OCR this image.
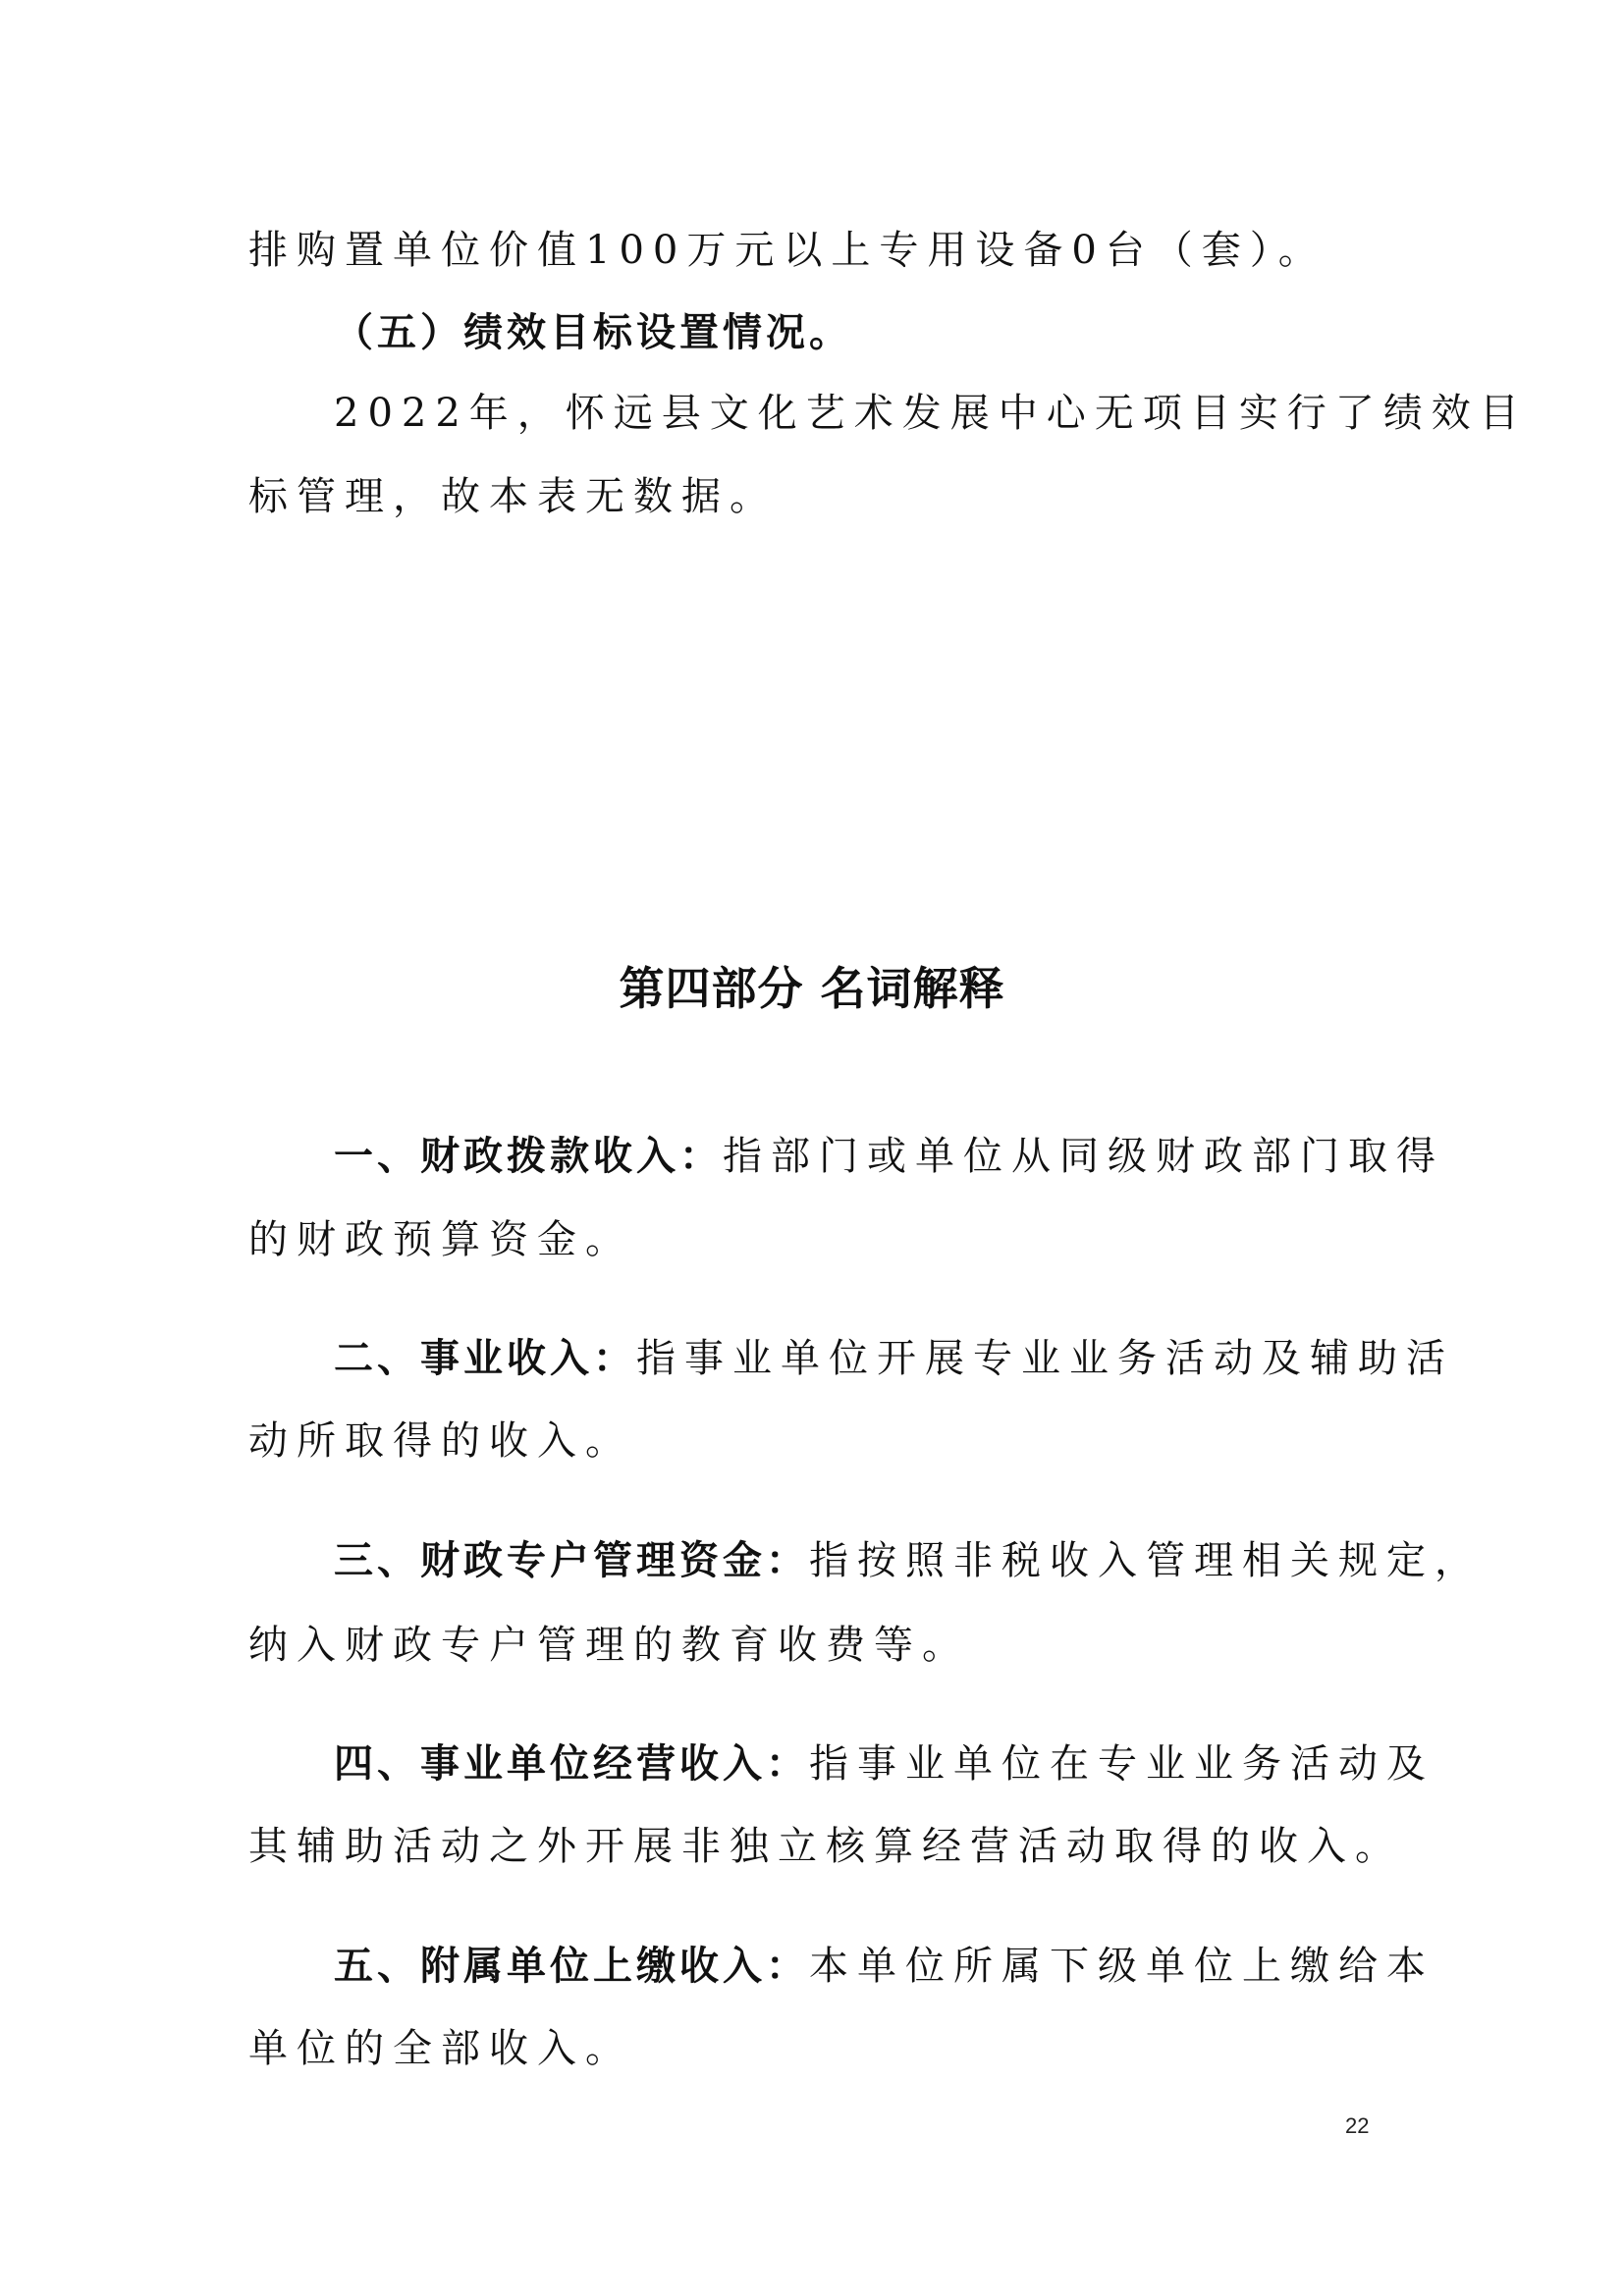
排购置单位价值100万元以上专用设备0台（套）。
（五）绩效目标设置情况。
2022年，怀远县文化艺术发展中心无项目实行了绩效目
标管理，故本表无数据。
第四部分 名词解释
一、财政拨款收入：指部门或单位从同级财政部门取得
的财政预算资金。
二、事业收入：指事业单位开展专业业务活动及辅助活
动所取得的收入。
三、财政专户管理资金：指按照非税收入管理相关规定，
纳入财政专户管理的教育收费等。
四、事业单位经营收入：指事业单位在专业业务活动及
其辅助活动之外开展非独立核算经营活动取得的收入。
五、附属单位上缴收入：本单位所属下级单位上缴给本
单位的全部收入。
22
